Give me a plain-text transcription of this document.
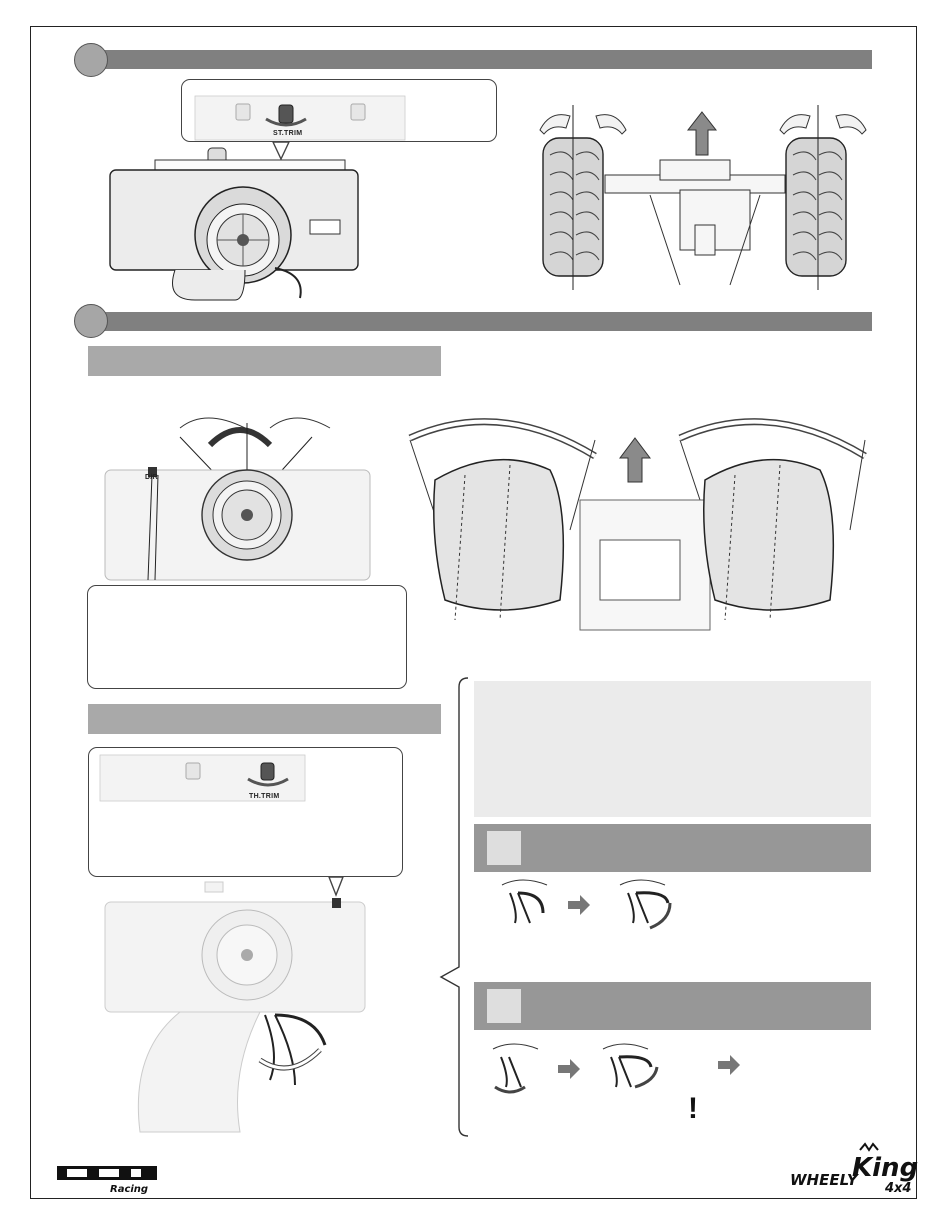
ST.TRIM
D/R
!
TH.TRIM
Racing
WHEELY
King
4x4
